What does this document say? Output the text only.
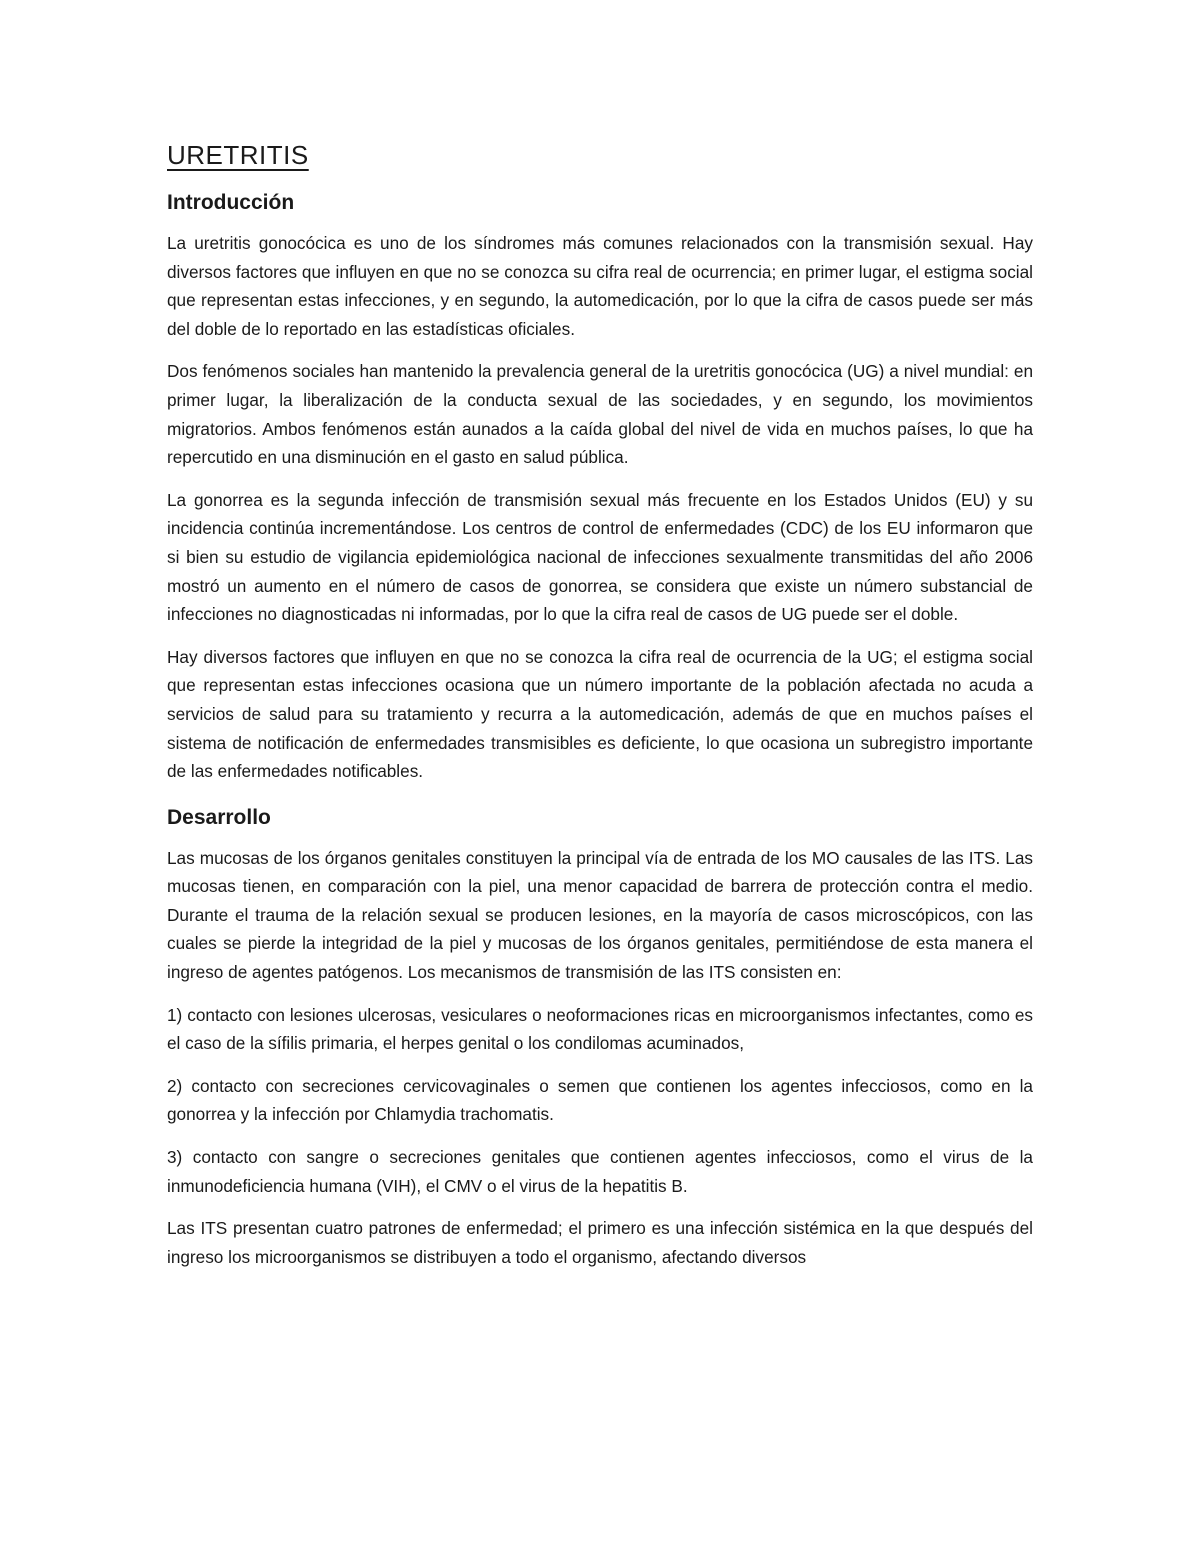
URETRITIS
Introducción

La uretritis gonocócica es uno de los síndromes más comunes relacionados con la transmisión sexual. Hay diversos factores que influyen en que no se conozca su cifra real de ocurrencia; en primer lugar, el estigma social que representan estas infecciones, y en segundo, la automedicación, por lo que la cifra de casos puede ser más del doble de lo reportado en las estadísticas oficiales.

Dos fenómenos sociales han mantenido la prevalencia general de la uretritis gonocócica (UG) a nivel mundial: en primer lugar, la liberalización de la conducta sexual de las sociedades, y en segundo, los movimientos migratorios. Ambos fenómenos están aunados a la caída global del nivel de vida en muchos países, lo que ha repercutido en una disminución en el gasto en salud pública.

La gonorrea es la segunda infección de transmisión sexual más frecuente en los Estados Unidos (EU) y su incidencia continúa incrementándose. Los centros de control de enfermedades (CDC) de los EU informaron que si bien su estudio de vigilancia epidemiológica nacional de infecciones sexualmente transmitidas del año 2006 mostró un aumento en el número de casos de gonorrea, se considera que existe un número substancial de infecciones no diagnosticadas ni informadas, por lo que la cifra real de casos de UG puede ser el doble.

Hay diversos factores que influyen en que no se conozca la cifra real de ocurrencia de la UG; el estigma social que representan estas infecciones ocasiona que un número importante de la población afectada no acuda a servicios de salud para su tratamiento y recurra a la automedicación, además de que en muchos países el sistema de notificación de enfermedades transmisibles es deficiente, lo que ocasiona un subregistro importante de las enfermedades notificables.

Desarrollo

Las mucosas de los órganos genitales constituyen la principal vía de entrada de los MO causales de las ITS. Las mucosas tienen, en comparación con la piel, una menor capacidad de barrera de protección contra el medio. Durante el trauma de la relación sexual se producen lesiones, en la mayoría de casos microscópicos, con las cuales se pierde la integridad de la piel y mucosas de los órganos genitales, permitiéndose de esta manera el ingreso de agentes patógenos. Los mecanismos de transmisión de las ITS consisten en:

1) contacto con lesiones ulcerosas, vesiculares o neoformaciones ricas en microorganismos infectantes, como es el caso de la sífilis primaria, el herpes genital o los condilomas acuminados,

2) contacto con secreciones cervicovaginales o semen que contienen los agentes infecciosos, como en la gonorrea y la infección por Chlamydia trachomatis.

3) contacto con sangre o secreciones genitales que contienen agentes infecciosos, como el virus de la inmunodeficiencia humana (VIH), el CMV o el virus de la hepatitis B.

Las ITS presentan cuatro patrones de enfermedad; el primero es una infección sistémica en la que después del ingreso los microorganismos se distribuyen a todo el organismo, afectando diversos
